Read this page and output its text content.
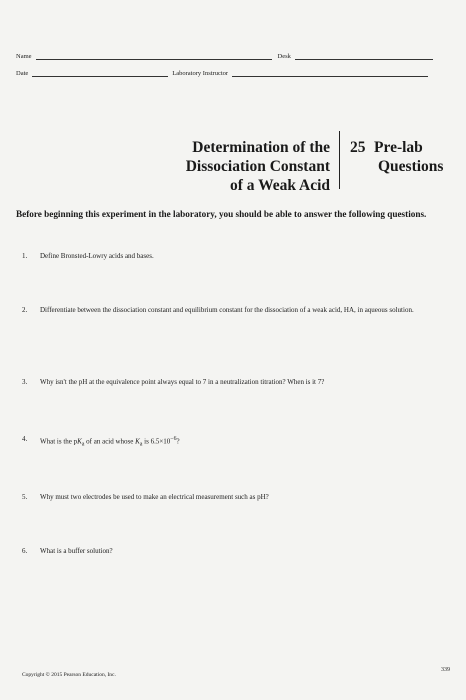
Name	Desk
Date	Laboratory Instructor
Determination of the
Dissociation Constant
of a Weak Acid
25 Pre-lab
Questions
Before beginning this experiment in the laboratory, you should be able to answer the following questions.
1.	Define Bronsted-Lowry acids and bases.
2.	Differentiate between the dissociation constant and equilibrium constant for the dissociation of a weak acid, HA, in aqueous solution.
3.	Why isn't the pH at the equivalence point always equal to 7 in a neutralization titration? When is it 7?
4.	What is the $pK_a$ of an acid whose $K_a$ is $6.5\times 10^{-6}$?
5.	Why must two electrodes be used to make an electrical measurement such as pH?
6.	What is a buffer solution?
339
Copyright © 2015 Pearson Education, Inc.
